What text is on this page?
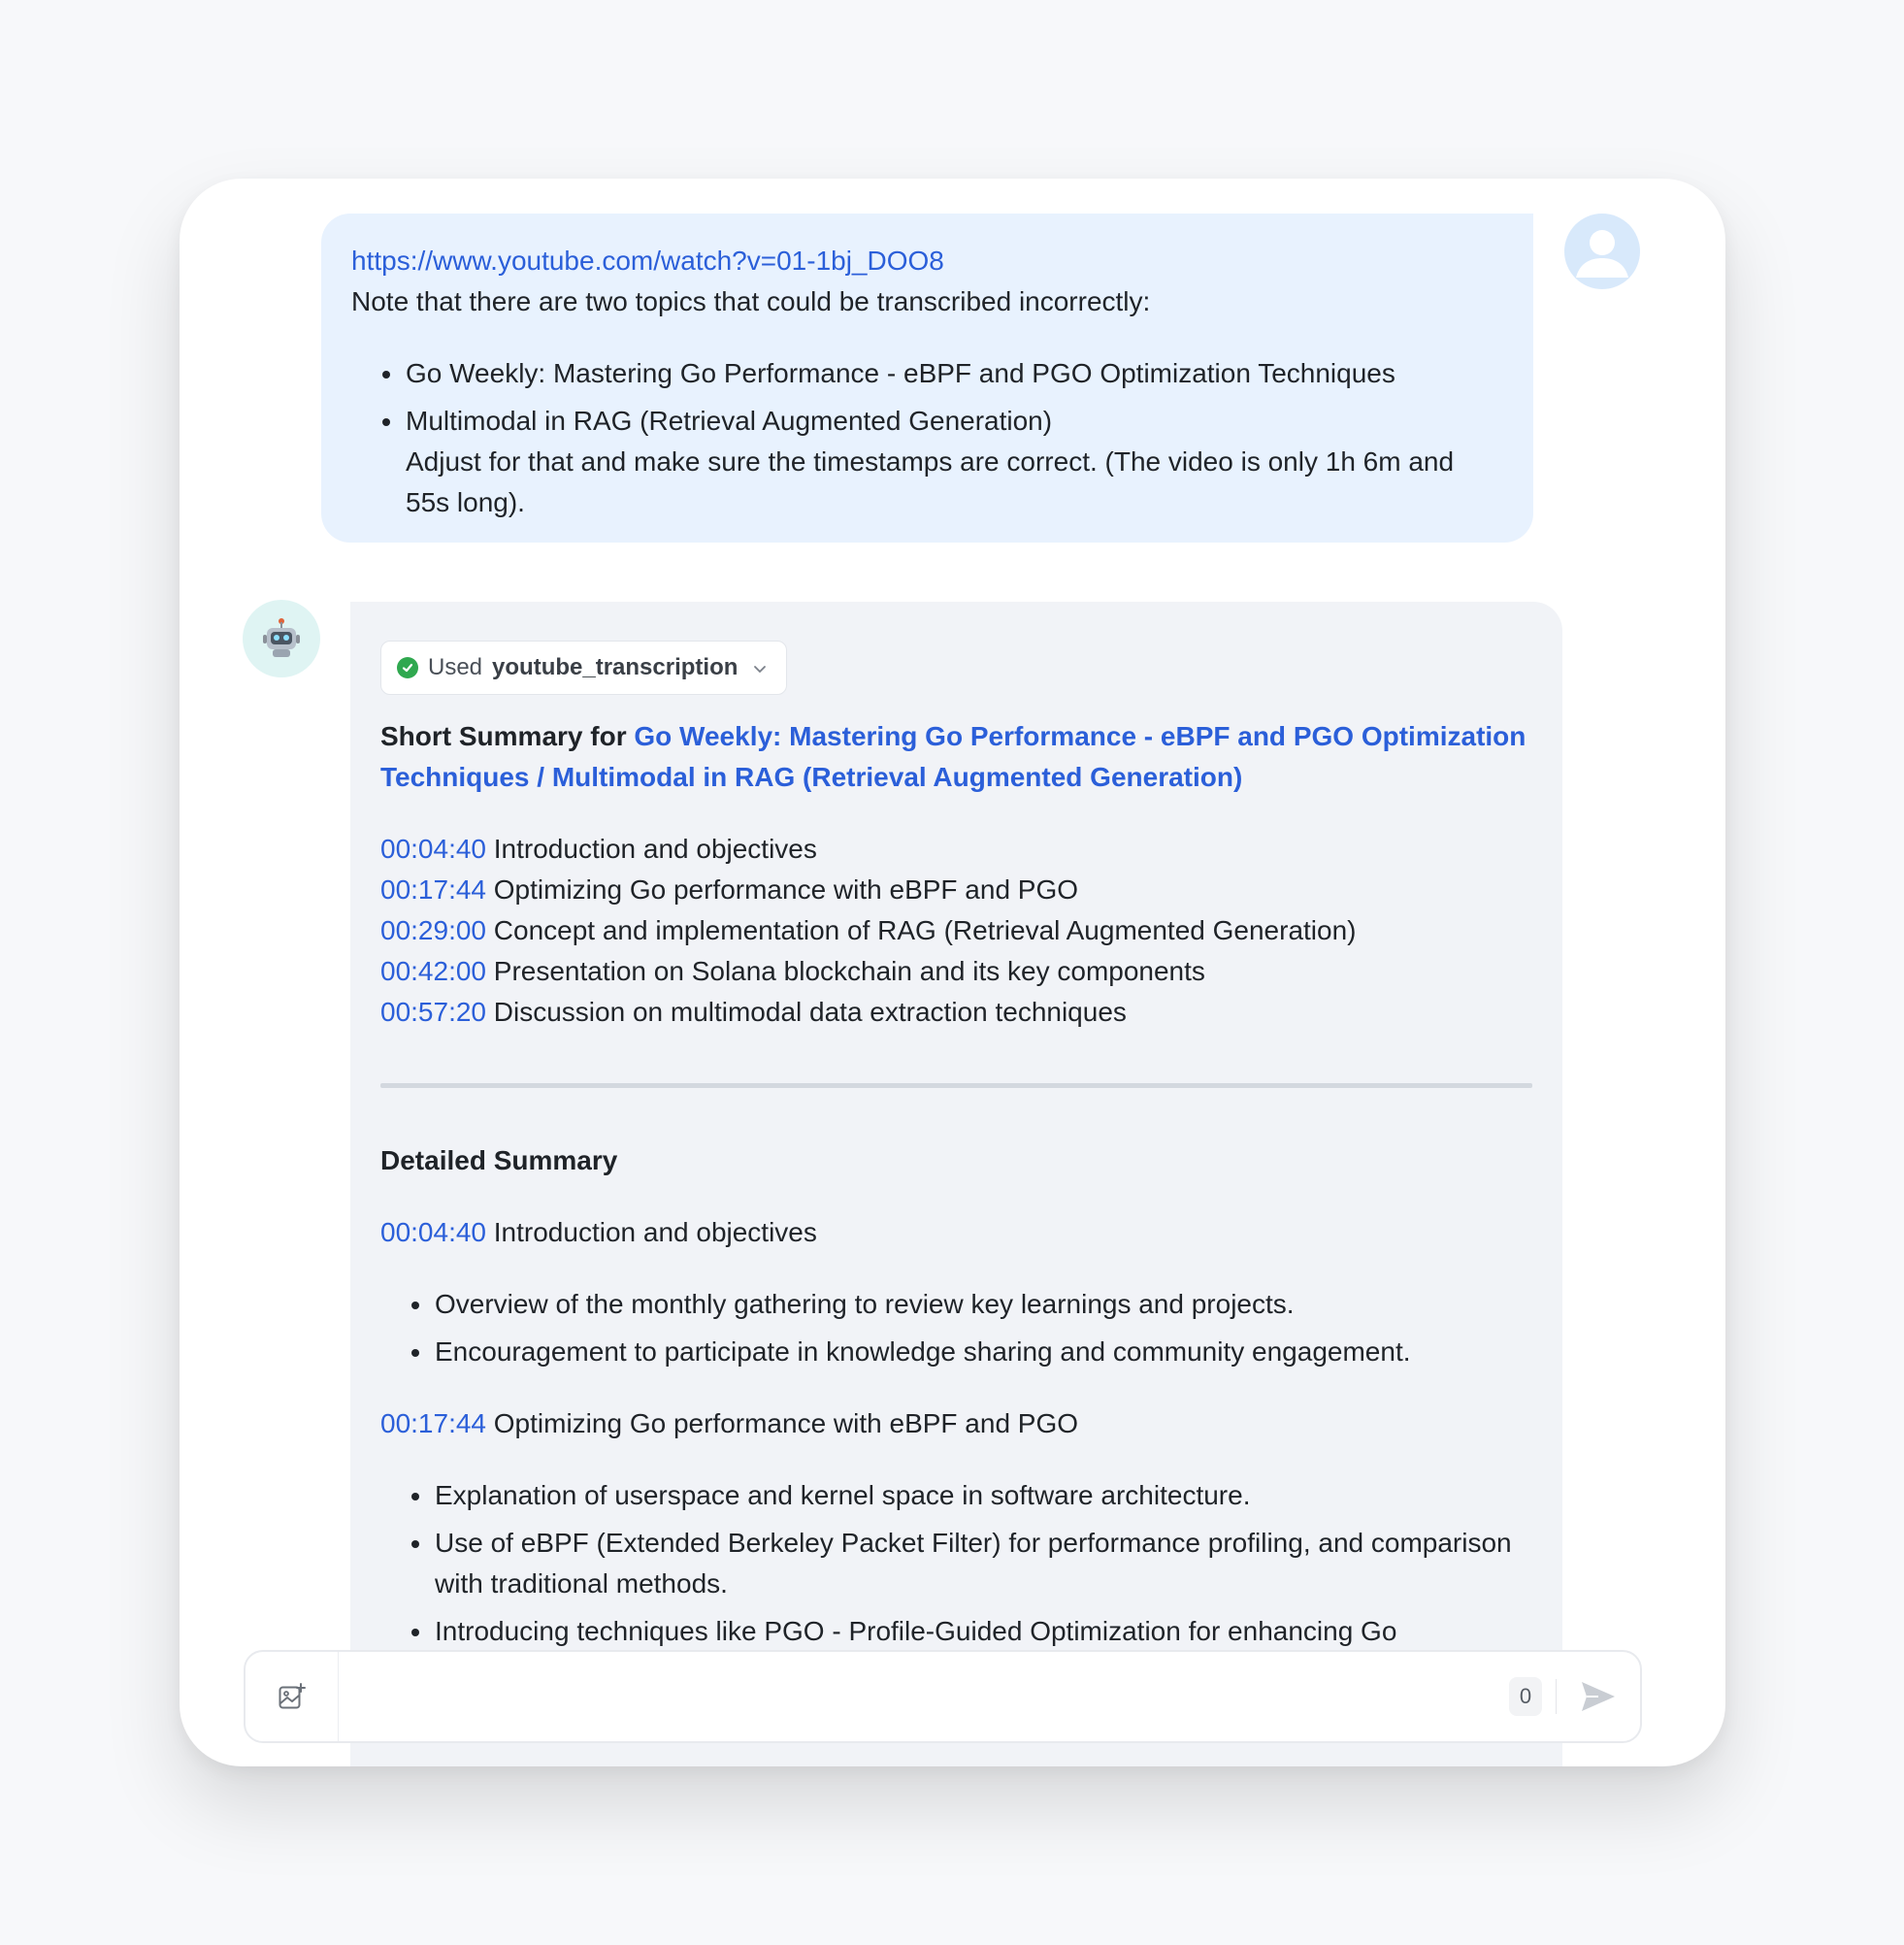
https://www.youtube.com/watch?v=01-1bj_DOO8
Note that there are two topics that could be transcribed incorrectly:
Go Weekly: Mastering Go Performance - eBPF and PGO Optimization Techniques
Multimodal in RAG (Retrieval Augmented Generation)
Adjust for that and make sure the timestamps are correct. (The video is only 1h 6m and 55s long).
Used youtube_transcription
Short Summary for Go Weekly: Mastering Go Performance - eBPF and PGO Optimization Techniques / Multimodal in RAG (Retrieval Augmented Generation)
00:04:40 Introduction and objectives
00:17:44 Optimizing Go performance with eBPF and PGO
00:29:00 Concept and implementation of RAG (Retrieval Augmented Generation)
00:42:00 Presentation on Solana blockchain and its key components
00:57:20 Discussion on multimodal data extraction techniques
Detailed Summary
00:04:40 Introduction and objectives
Overview of the monthly gathering to review key learnings and projects.
Encouragement to participate in knowledge sharing and community engagement.
00:17:44 Optimizing Go performance with eBPF and PGO
Explanation of userspace and kernel space in software architecture.
Use of eBPF (Extended Berkeley Packet Filter) for performance profiling, and comparison with traditional methods.
Introducing techniques like PGO - Profile-Guided Optimization for enhancing Go
0
